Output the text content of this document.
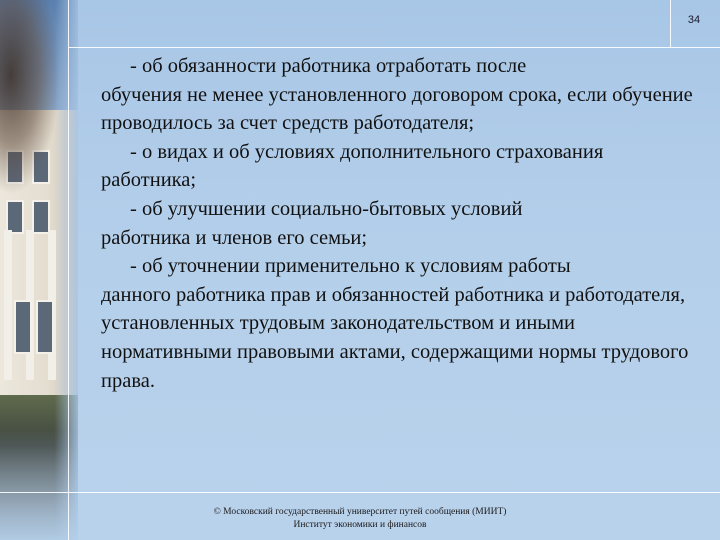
34

- об обязанности работника отработать после
обучения не менее установленного договором срока, если обучение проводилось за счет средств работодателя;

- о видах и об условиях дополнительного страхования
работника;

- об улучшении социально-бытовых условий
работника и членов его семьи;

- об уточнении применительно к условиям работы
данного работника прав и обязанностей работника и работодателя, установленных трудовым законодательством и иными нормативными правовыми актами, содержащими нормы трудового права.

© Московский государственный университет путей сообщения (МИИТ)
Институт экономики и финансов
